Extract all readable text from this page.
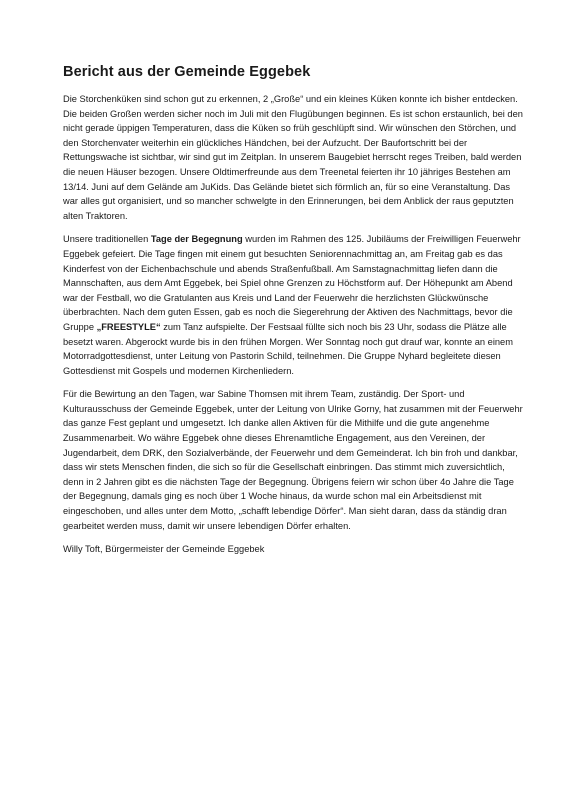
Bericht aus der Gemeinde Eggebek

Die Storchenküken sind schon gut zu erkennen, 2 „Große“ und ein kleines Küken konnte ich bisher entdecken. Die beiden Großen werden sicher noch im Juli mit den Flugübungen beginnen. Es ist schon erstaunlich, bei den nicht gerade üppigen Temperaturen, dass die Küken so früh geschlüpft sind. Wir wünschen den Störchen, und den Storchenvater weiterhin ein glückliches Händchen, bei der Aufzucht. Der Baufortschritt bei der Rettungswache ist sichtbar, wir sind gut im Zeitplan. In unserem Baugebiet herrscht reges Treiben, bald werden die neuen Häuser bezogen. Unsere Oldtimerfreunde aus dem Treenetal feierten ihr 10 jähriges Bestehen am 13/14. Juni auf dem Gelände am JuKids. Das Gelände bietet sich förmlich an, für so eine Veranstaltung. Das war alles gut organisiert, und so mancher schwelgte in den Erinnerungen, bei dem Anblick der raus geputzten alten Traktoren.

Unsere traditionellen Tage der Begegnung wurden im Rahmen des 125. Jubiläums der Freiwilligen Feuerwehr Eggebek gefeiert. Die Tage fingen mit einem gut besuchten Seniorennachmittag an, am Freitag gab es das Kinderfest von der Eichenbachschule und abends Straßenfußball. Am Samstagnachmittag liefen dann die Mannschaften, aus dem Amt Eggebek, bei Spiel ohne Grenzen zu Höchstform auf. Der Höhepunkt am Abend war der Festball, wo die Gratulanten aus Kreis und Land der Feuerwehr die herzlichsten Glückwünsche überbrachten. Nach dem guten Essen, gab es noch die Siegerehrung der Aktiven des Nachmittags, bevor die Gruppe „FREESTYLE“ zum Tanz aufspielte. Der Festsaal füllte sich noch bis 23 Uhr, sodass die Plätze alle besetzt waren. Abgerockt wurde bis in den frühen Morgen. Wer Sonntag noch gut drauf war, konnte an einem Motorradgottesdienst, unter Leitung von Pastorin Schild, teilnehmen. Die Gruppe Nyhard begleitete diesen Gottesdienst mit Gospels und modernen Kirchenliedern.

Für die Bewirtung an den Tagen, war Sabine Thomsen mit ihrem Team, zuständig. Der Sport- und Kulturausschuss der Gemeinde Eggebek, unter der Leitung von Ulrike Gorny, hat zusammen mit der Feuerwehr das ganze Fest geplant und umgesetzt. Ich danke allen Aktiven für die Mithilfe und die gute angenehme Zusammenarbeit. Wo währe Eggebek ohne dieses Ehrenamtliche Engagement, aus den Vereinen, der Jugendarbeit, dem DRK, den Sozialverbände, der Feuerwehr und dem Gemeinderat. Ich bin froh und dankbar, dass wir stets Menschen finden, die sich so für die Gesellschaft einbringen. Das stimmt mich zuversichtlich, denn in 2 Jahren gibt es die nächsten Tage der Begegnung. Übrigens feiern wir schon über 4o Jahre die Tage der Begegnung, damals ging es noch über 1 Woche hinaus, da wurde schon mal ein Arbeitsdienst mit eingeschoben, und alles unter dem Motto, „schafft lebendige Dörfer“. Man sieht daran, dass da ständig dran gearbeitet werden muss, damit wir unsere lebendigen Dörfer erhalten.

Willy Toft, Bürgermeister der Gemeinde Eggebek
